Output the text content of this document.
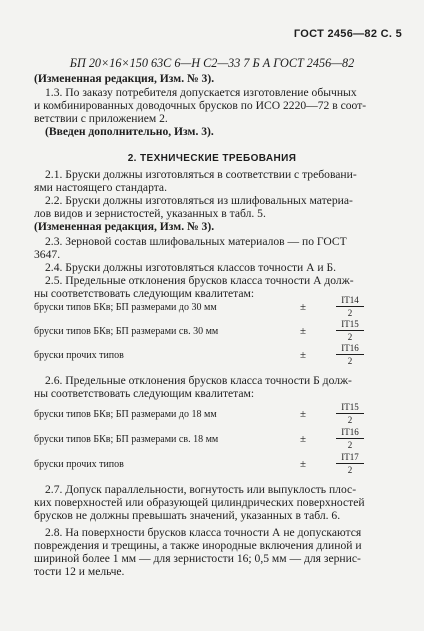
ГОСТ 2456—82 С. 5
БП 20×16×150 63С 6—Н С2—33 7 Б А ГОСТ 2456—82
(Измененная редакция, Изм. № 3).
1.3. По заказу потребителя допускается изготовление обычных
и комбинированных доводочных брусков по ИСО 2220—72 в соот-
ветствии с приложением 2.
(Введен дополнительно, Изм. 3).
2. ТЕХНИЧЕСКИЕ ТРЕБОВАНИЯ
2.1. Бруски должны изготовляться в соответствии с требовани-
ями настоящего стандарта.
2.2. Бруски должны изготовляться из шлифовальных материа-
лов видов и зернистостей, указанных в табл. 5.
(Измененная редакция, Изм. № 3).
2.3. Зерновой состав шлифовальных материалов — по ГОСТ
3647.
2.4. Бруски должны изготовляться классов точности А и Б.
2.5. Предельные отклонения брусков класса точности А долж-
ны соответствовать следующим квалитетам:
бруски типов БКв; БП размерами до 30 мм	±	$\frac{IT14}{2}$
бруски типов БКв; БП размерами св. 30 мм	±	$\frac{IT15}{2}$
бруски прочих типов	±	$\frac{IT16}{2}$
2.6. Предельные отклонения брусков класса точности Б долж-
ны соответствовать следующим квалитетам:
бруски типов БКв; БП размерами до 18 мм	±	$\frac{IT15}{2}$
бруски типов БКв; БП размерами св. 18 мм	±	$\frac{IT16}{2}$
бруски прочих типов	±	$\frac{IT17}{2}$
2.7. Допуск параллельности, вогнутость или выпуклость плос-
ких поверхностей или образующей цилиндрических поверхностей
брусков не должны превышать значений, указанных в табл. 6.
2.8. На поверхности брусков класса точности А не допускаются
повреждения и трещины, а также инородные включения длиной и
шириной более 1 мм — для зернистости 16; 0,5 мм — для зернис-
тости 12 и мельче.
